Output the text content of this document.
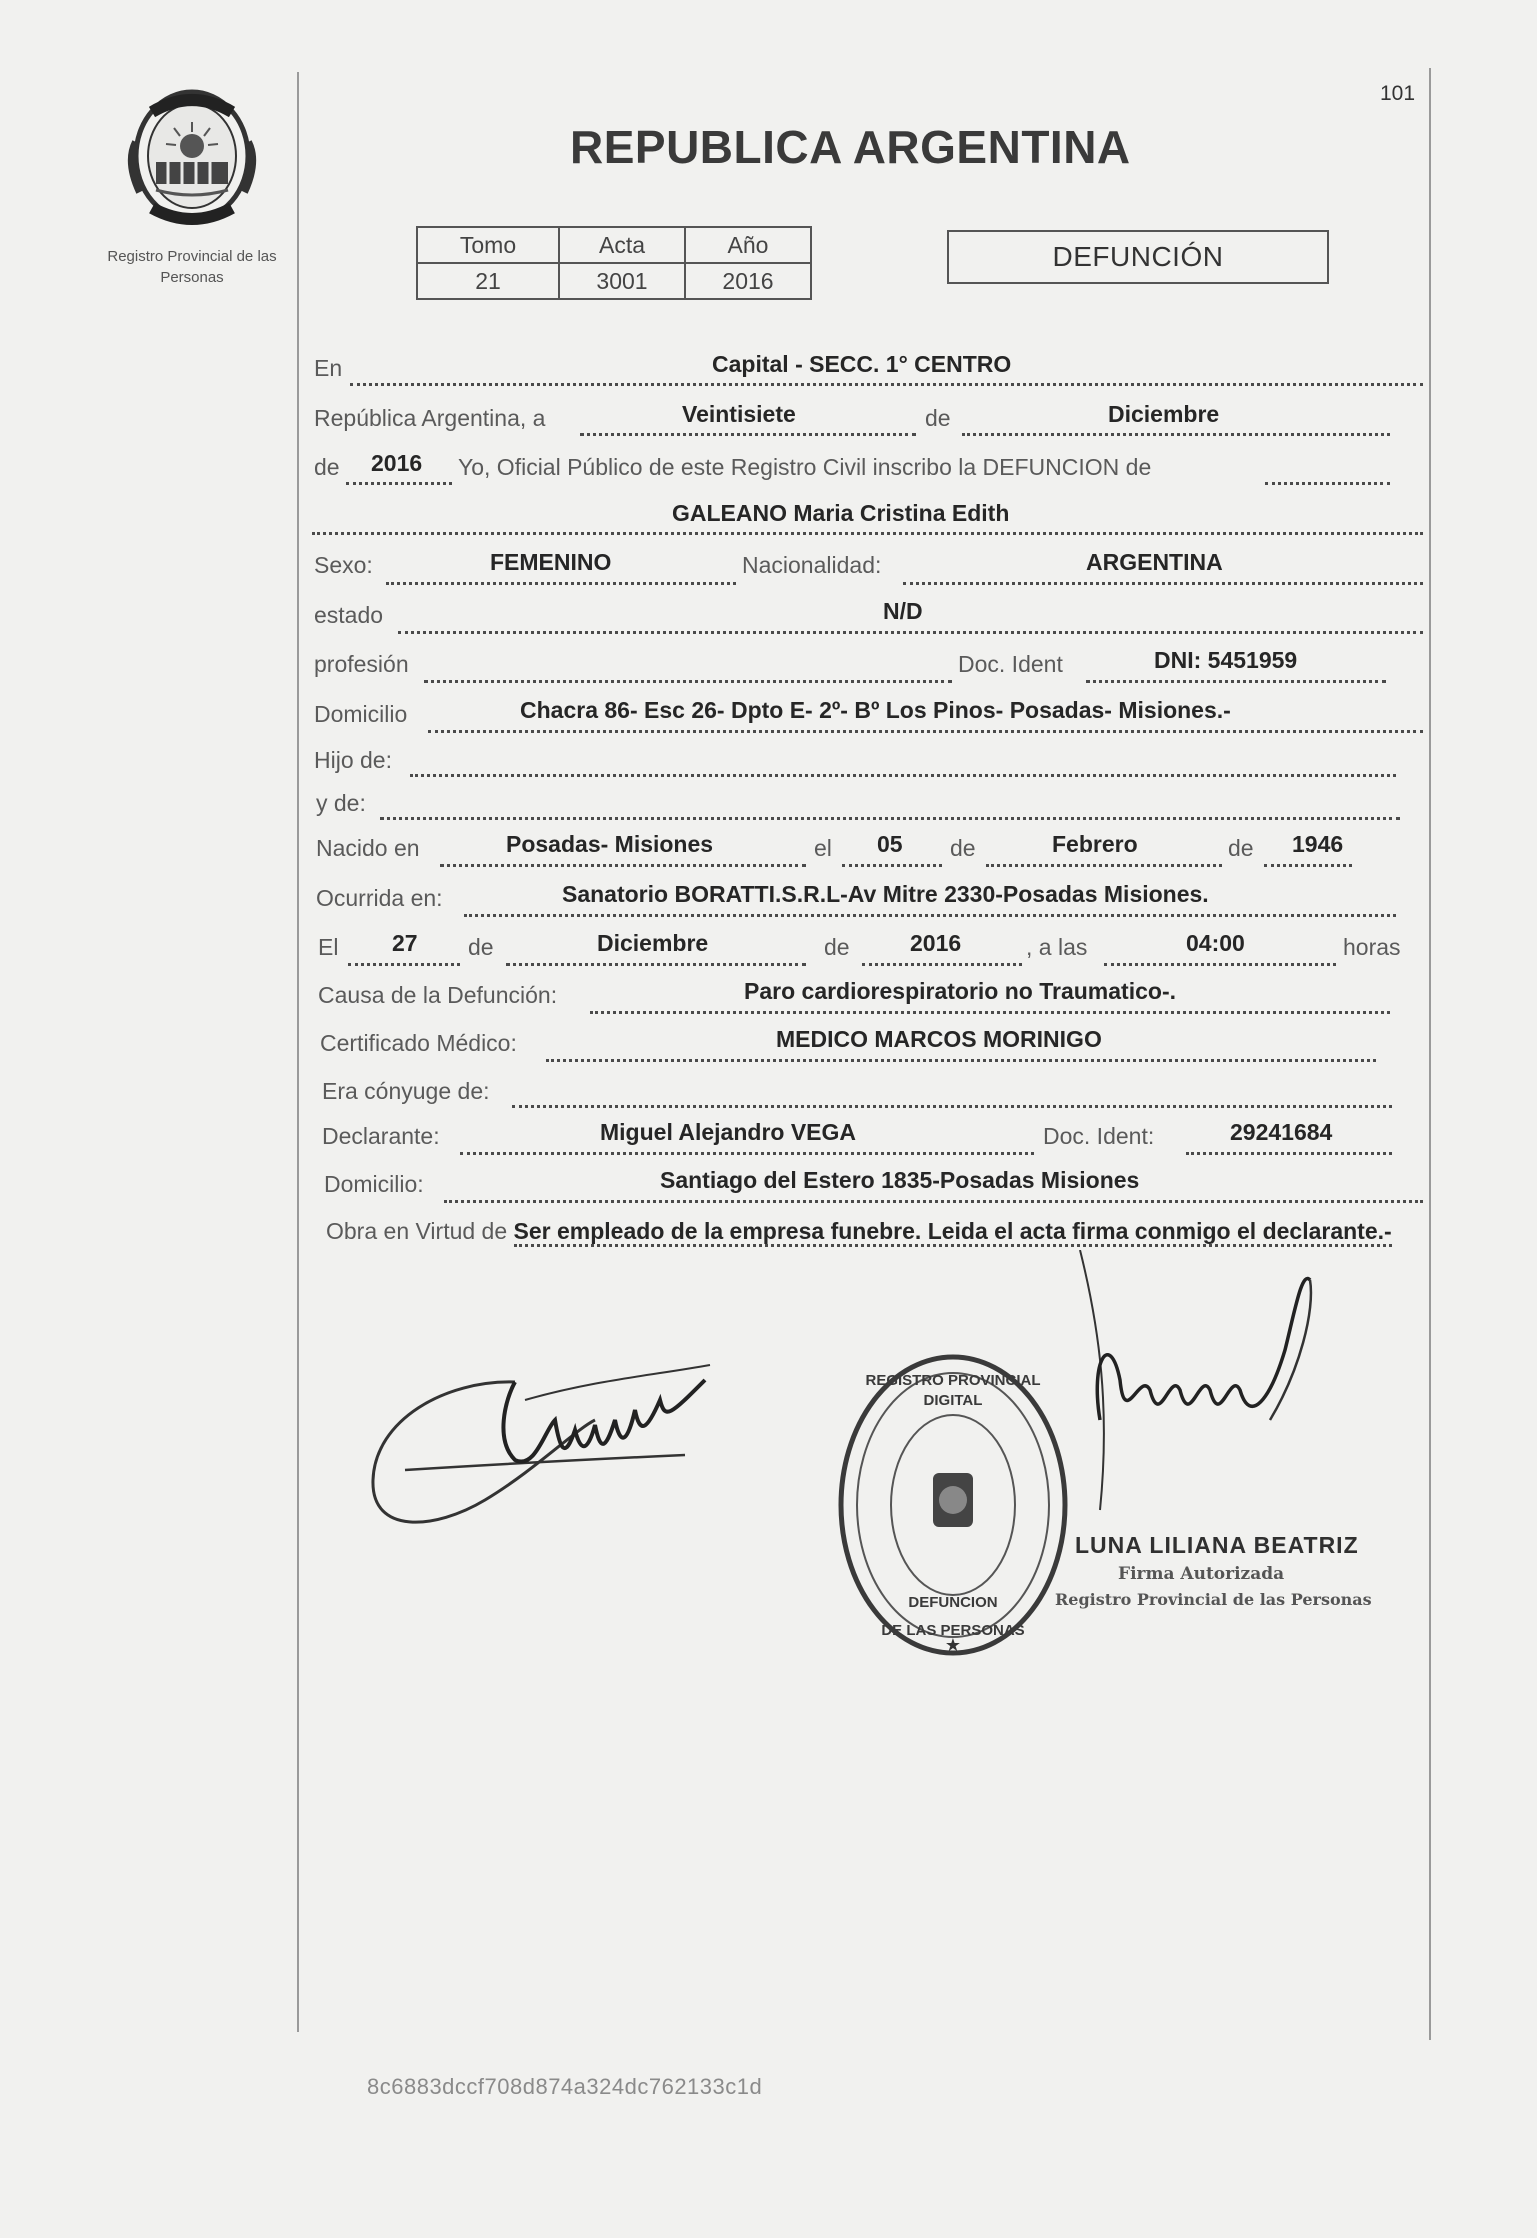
101
Registro Provincial de las Personas
REPUBLICA ARGENTINA
Tomo	Acta	Año
21	3001	2016
DEFUNCIÓN
En	Capital - SECC. 1° CENTRO
República Argentina, a	Veintisiete	de	Diciembre
de 2016 Yo, Oficial Público de este Registro Civil inscribo la DEFUNCION de
GALEANO Maria Cristina Edith
Sexo:	FEMENINO	Nacionalidad:	ARGENTINA
estado	N/D
profesión	Doc. Ident	DNI: 5451959
Domicilio	Chacra 86- Esc 26- Dpto E- 2º- Bº Los Pinos- Posadas- Misiones.-
Hijo de:
y de:
Nacido en	Posadas- Misiones	el 05 de	Febrero	de 1946
Ocurrida en:	Sanatorio BORATTI.S.R.L-Av Mitre 2330-Posadas Misiones.
El 27 de	Diciembre	de	2016	, a las	04:00	horas
Causa de la Defunción:	Paro cardiorespiratorio no Traumatico-.
Certificado Médico:	MEDICO MARCOS MORINIGO
Era cónyuge de:
Declarante:	Miguel Alejandro VEGA	Doc. Ident:	29241684
Domicilio:	Santiago del Estero 1835-Posadas Misiones
Obra en Virtud de Ser empleado de la empresa funebre. Leida el acta firma conmigo el declarante.-
REGISTRO PROVINCIAL
DIGITAL
DEFUNCION
DE LAS PERSONAS
★
LUNA LILIANA BEATRIZ
Firma Autorizada
Registro Provincial de las Personas
8c6883dccf708d874a324dc762133c1d
